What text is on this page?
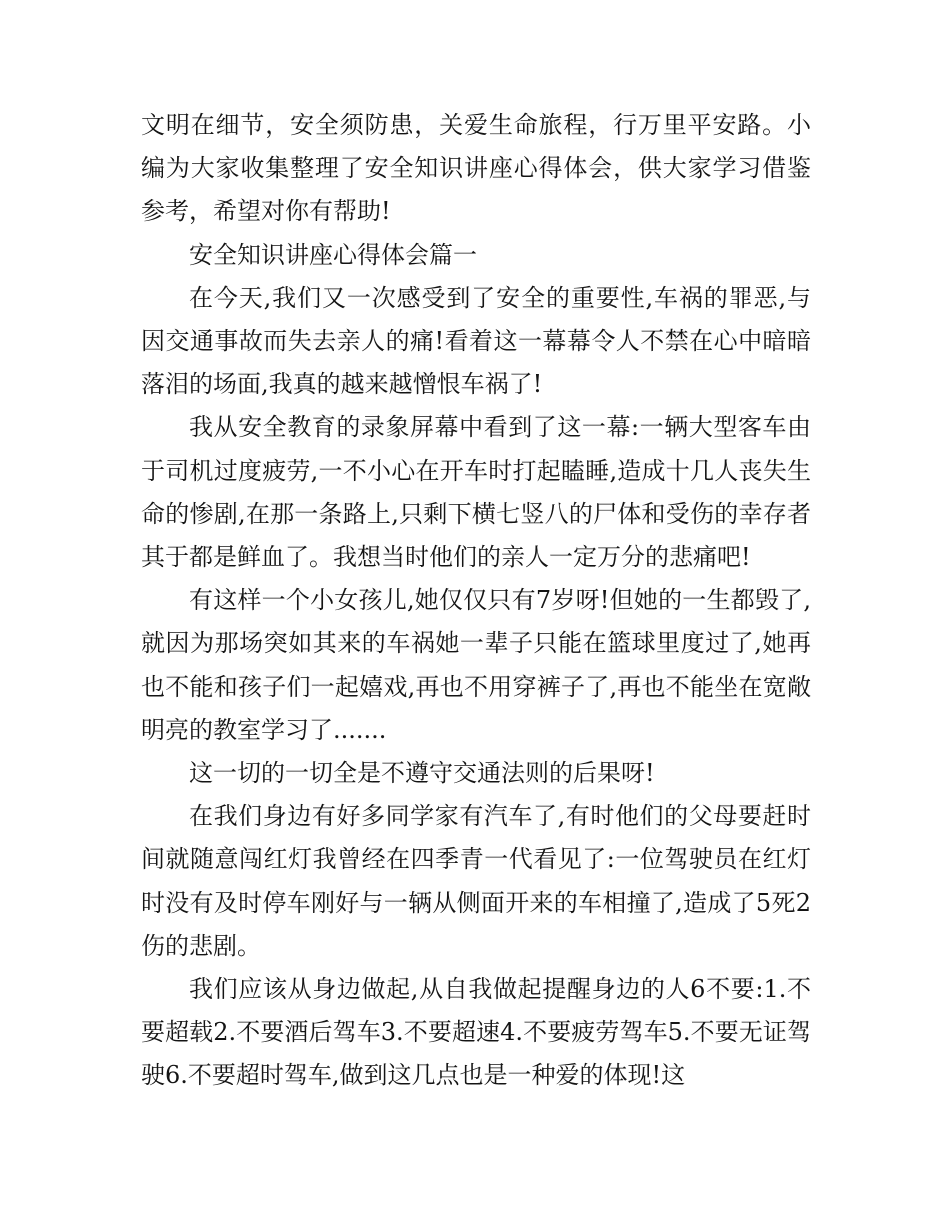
文明在细节，安全须防患，关爱生命旅程，行万里平安路。小编为大家收集整理了安全知识讲座心得体会，供大家学习借鉴参考，希望对你有帮助!

安全知识讲座心得体会篇一

在今天,我们又一次感受到了安全的重要性,车祸的罪恶,与因交通事故而失去亲人的痛!看着这一幕幕令人不禁在心中暗暗落泪的场面,我真的越来越憎恨车祸了!

我从安全教育的录象屏幕中看到了这一幕:一辆大型客车由于司机过度疲劳,一不小心在开车时打起瞌睡,造成十几人丧失生命的惨剧,在那一条路上,只剩下横七竖八的尸体和受伤的幸存者其于都是鲜血了。我想当时他们的亲人一定万分的悲痛吧!

有这样一个小女孩儿,她仅仅只有7岁呀!但她的一生都毁了,就因为那场突如其来的车祸她一辈子只能在篮球里度过了,她再也不能和孩子们一起嬉戏,再也不用穿裤子了,再也不能坐在宽敞明亮的教室学习了.......

这一切的一切全是不遵守交通法则的后果呀!

在我们身边有好多同学家有汽车了,有时他们的父母要赶时间就随意闯红灯我曾经在四季青一代看见了:一位驾驶员在红灯时没有及时停车刚好与一辆从侧面开来的车相撞了,造成了5死2伤的悲剧。

我们应该从身边做起,从自我做起提醒身边的人6不要:1.不要超载2.不要酒后驾车3.不要超速4.不要疲劳驾车5.不要无证驾驶6.不要超时驾车,做到这几点也是一种爱的体现!这
